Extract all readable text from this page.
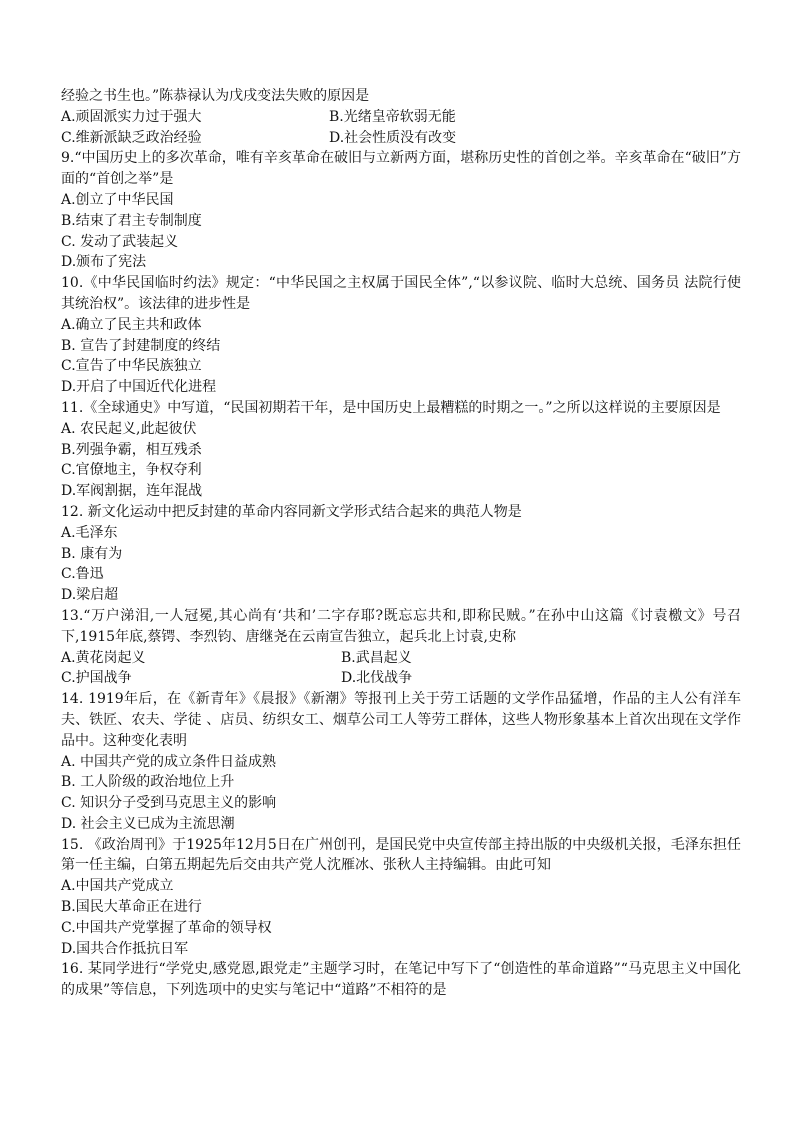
经验之书生也。”陈恭禄认为戊戌变法失败的原因是
A.顽固派实力过于强大	B.光绪皇帝软弱无能
C.维新派缺乏政治经验	D.社会性质没有改变
9.“中国历史上的多次革命，唯有辛亥革命在破旧与立新两方面，堪称历史性的首创之举。辛亥革命在“破旧”方面的“首创之举”是
A.创立了中华民国
B.结束了君主专制制度
C. 发动了武装起义
D.颁布了宪法
10.《中华民国临时约法》规定：“中华民国之主权属于国民全体”,“以参议院、临时大总统、国务员 法院行使其统治权”。该法律的进步性是
A.确立了民主共和政体
B. 宣告了封建制度的终结
C.宣告了中华民族独立
D.开启了中国近代化进程
11.《全球通史》中写道，“民国初期若干年，是中国历史上最糟糕的时期之一。”之所以这样说的主要原因是
A. 农民起义,此起彼伏
B.列强争霸，相互残杀
C.官僚地主，争权夺利
D.军阀割据，连年混战
12. 新文化运动中把反封建的革命内容同新文学形式结合起来的典范人物是
A.毛泽东
B. 康有为
C.鲁迅
D.梁启超
13.“万户涕泪,一人冠冕,其心尚有‘共和’二字存耶?既忘忘共和,即称民贼。”在孙中山这篇《讨袁檄文》号召下,1915年底,蔡锷、李烈钧、唐继尧在云南宣告独立，起兵北上讨袁,史称
A.黄花岗起义	B.武昌起义
C.护国战争	D.北伐战争
14. 1919年后，在《新青年》《晨报》《新潮》等报刊上关于劳工话题的文学作品猛增，作品的主人公有洋车夫、铁匠、农夫、学徒 、店员、纺织女工、烟草公司工人等劳工群体，这些人物形象基本上首次出现在文学作品中。这种变化表明
A. 中国共产党的成立条件日益成熟
B. 工人阶级的政治地位上升
C. 知识分子受到马克思主义的影响
D. 社会主义已成为主流思潮
15. 《政治周刊》于1925年12月5日在广州创刊，是国民党中央宣传部主持出版的中央级机关报，毛泽东担任第一任主编，白第五期起先后交由共产党人沈雁冰、张秋人主持编辑。由此可知
A.中国共产党成立
B.国民大革命正在进行
C.中国共产党掌握了革命的领导权
D.国共合作抵抗日军
16. 某同学进行“学党史,感党恩,跟党走”主题学习时，在笔记中写下了“创造性的革命道路”“马克思主义中国化的成果”等信息，下列选项中的史实与笔记中“道路”不相符的是
